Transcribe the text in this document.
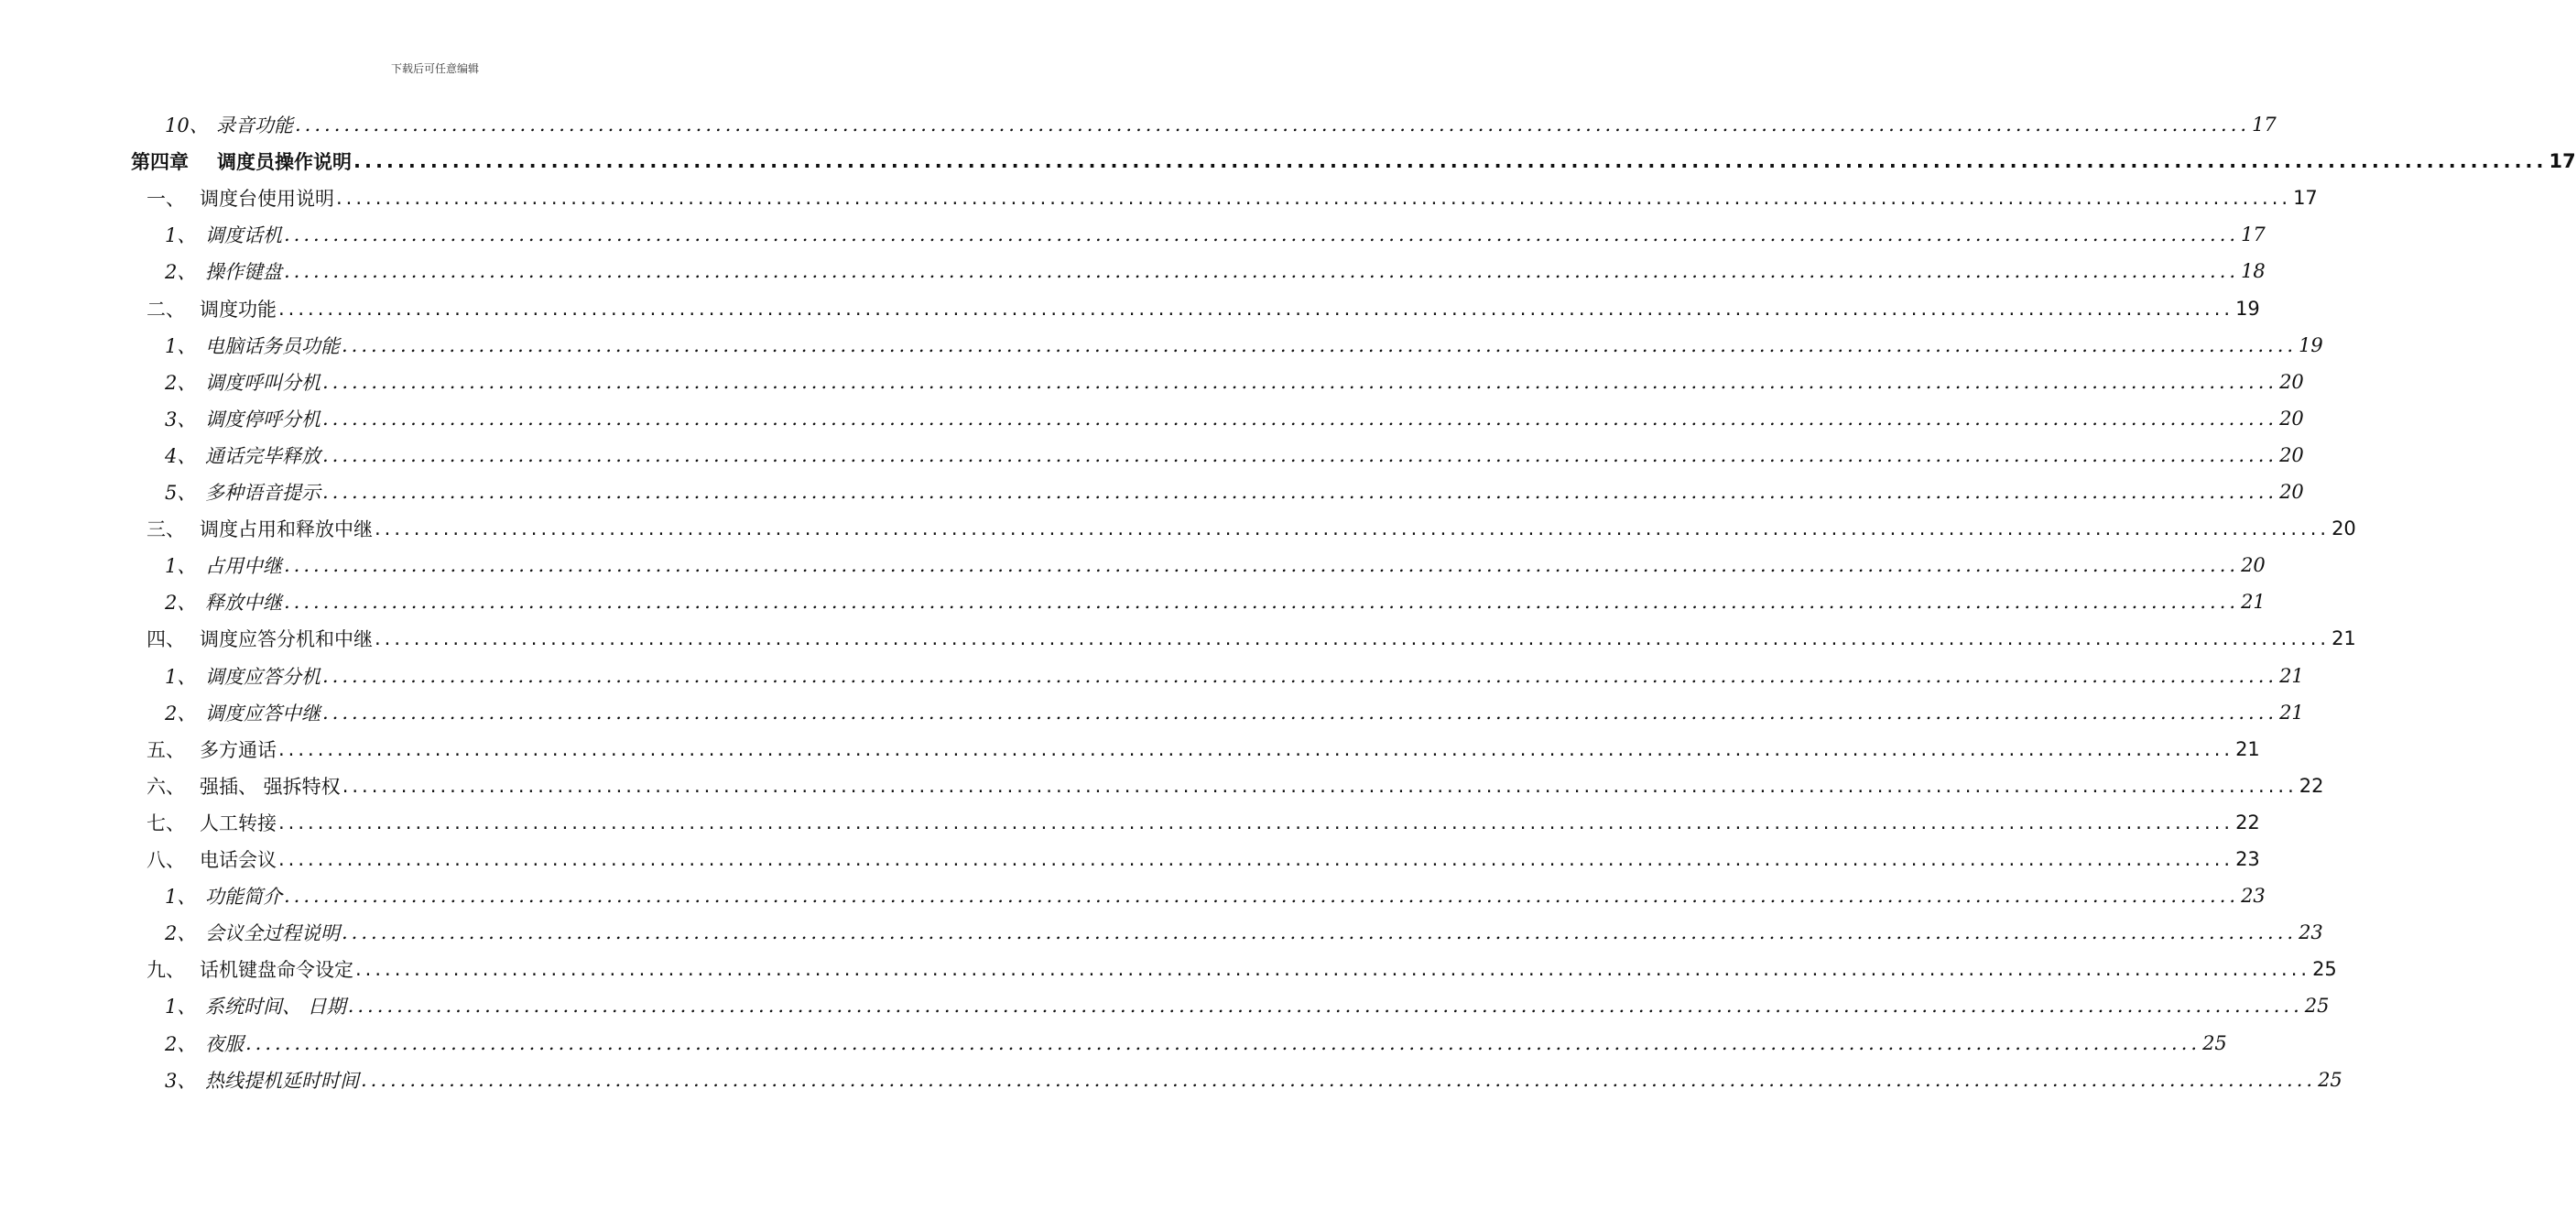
下载后可任意编辑
10、 录音功能 ........................................................................................................................................................................................................ 17
第四章	调度员操作说明 ........................................................................................................................................................................................................ 17
一、 调度台使用说明 ........................................................................................................................................................................................................ 17
1、 调度话机 ........................................................................................................................................................................................................ 17
2、 操作键盘 ........................................................................................................................................................................................................ 18
二、 调度功能 ........................................................................................................................................................................................................ 19
1、 电脑话务员功能 ........................................................................................................................................................................................................ 19
2、 调度呼叫分机 ........................................................................................................................................................................................................ 20
3、 调度停呼分机 ........................................................................................................................................................................................................ 20
4、 通话完毕释放 ........................................................................................................................................................................................................ 20
5、 多种语音提示 ........................................................................................................................................................................................................ 20
三、 调度占用和释放中继 ........................................................................................................................................................................................................ 20
1、 占用中继 ........................................................................................................................................................................................................ 20
2、 释放中继 ........................................................................................................................................................................................................ 21
四、 调度应答分机和中继 ........................................................................................................................................................................................................ 21
1、 调度应答分机 ........................................................................................................................................................................................................ 21
2、 调度应答中继 ........................................................................................................................................................................................................ 21
五、 多方通话 ........................................................................................................................................................................................................ 21
六、 强插、 强拆特权 ........................................................................................................................................................................................................ 22
七、 人工转接 ........................................................................................................................................................................................................ 22
八、 电话会议 ........................................................................................................................................................................................................ 23
1、 功能简介 ........................................................................................................................................................................................................ 23
2、 会议全过程说明 ........................................................................................................................................................................................................ 23
九、 话机键盘命令设定 ........................................................................................................................................................................................................ 25
1、 系统时间、 日期 ........................................................................................................................................................................................................ 25
2、 夜服 ........................................................................................................................................................................................................ 25
3、 热线提机延时时间 ........................................................................................................................................................................................................ 25
